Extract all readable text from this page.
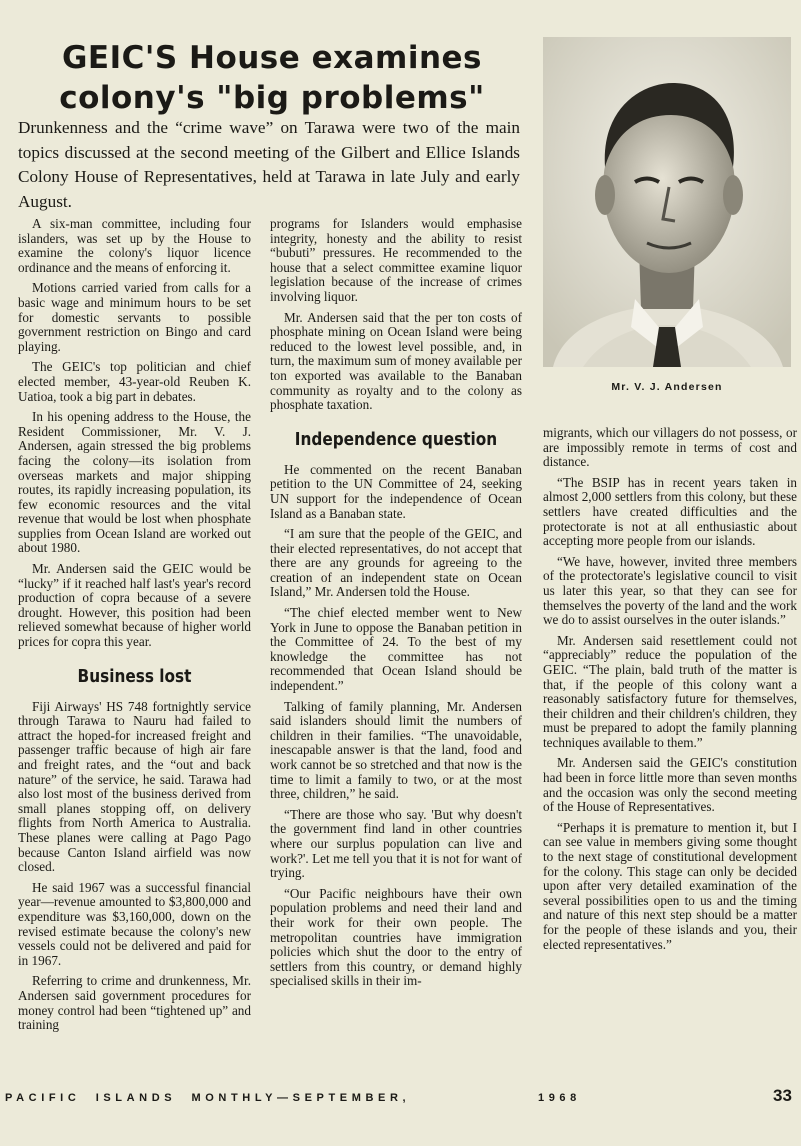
GEIC'S House examines
colony's "big problems"

Drunkenness and the “crime wave” on Tarawa were two of the main topics discussed at the second meeting of the Gilbert and Ellice Islands Colony House of Representatives, held at Tarawa in late July and early August.

Mr. V. J. Andersen

A six-man committee, including four islanders, was set up by the House to examine the colony's liquor licence ordinance and the means of enforcing it.

Motions carried varied from calls for a basic wage and minimum hours to be set for domestic servants to possible government restriction on Bingo and card playing.

The GEIC's top politician and chief elected member, 43-year-old Reuben K. Uatioa, took a big part in debates.

In his opening address to the House, the Resident Commissioner, Mr. V. J. Andersen, again stressed the big problems facing the colony—its isolation from overseas markets and major shipping routes, its rapidly increasing population, its few economic resources and the vital revenue that would be lost when phosphate supplies from Ocean Island are worked out about 1980.

Mr. Andersen said the GEIC would be “lucky” if it reached half last's year's record production of copra because of a severe drought. However, this position had been relieved somewhat because of higher world prices for copra this year.

Business lost

Fiji Airways' HS 748 fortnightly service through Tarawa to Nauru had failed to attract the hoped-for increased freight and passenger traffic because of high air fare and freight rates, and the “out and back nature” of the service, he said. Tarawa had also lost most of the business derived from small planes stopping off, on delivery flights from North America to Australia. These planes were calling at Pago Pago because Canton Island airfield was now closed.

He said 1967 was a successful financial year—revenue amounted to $3,800,000 and expenditure was $3,160,000, down on the revised estimate because the colony's new vessels could not be delivered and paid for in 1967.

Referring to crime and drunkenness, Mr. Andersen said government procedures for money control had been “tightened up” and training

programs for Islanders would emphasise integrity, honesty and the ability to resist “bubuti” pressures. He recommended to the house that a select committee examine liquor legislation because of the increase of crimes involving liquor.

Mr. Andersen said that the per ton costs of phosphate mining on Ocean Island were being reduced to the lowest level possible, and, in turn, the maximum sum of money available per ton exported was available to the Banaban community as royalty and to the colony as phosphate taxation.

Independence question

He commented on the recent Banaban petition to the UN Committee of 24, seeking UN support for the independence of Ocean Island as a Banaban state.

“I am sure that the people of the GEIC, and their elected representatives, do not accept that there are any grounds for agreeing to the creation of an independent state on Ocean Island,” Mr. Andersen told the House.

“The chief elected member went to New York in June to oppose the Banaban petition in the Committee of 24. To the best of my knowledge the committee has not recommended that Ocean Island should be independent.”

Talking of family planning, Mr. Andersen said islanders should limit the numbers of children in their families. “The unavoidable, inescapable answer is that the land, food and work cannot be so stretched and that now is the time to limit a family to two, or at the most three, children,” he said.

“There are those who say. 'But why doesn't the government find land in other countries where our surplus population can live and work?'. Let me tell you that it is not for want of trying.

“Our Pacific neighbours have their own population problems and need their land and their work for their own people. The metropolitan countries have immigration policies which shut the door to the entry of settlers from this country, or demand highly specialised skills in their im-

migrants, which our villagers do not possess, or are impossibly remote in terms of cost and distance.

“The BSIP has in recent years taken in almost 2,000 settlers from this colony, but these settlers have created difficulties and the protectorate is not at all enthusiastic about accepting more people from our islands.

“We have, however, invited three members of the protectorate's legislative council to visit us later this year, so that they can see for themselves the poverty of the land and the work we do to assist ourselves in the outer islands.”

Mr. Andersen said resettlement could not “appreciably” reduce the population of the GEIC. “The plain, bald truth of the matter is that, if the people of this colony want a reasonably satisfactory future for themselves, their children and their children's children, they must be prepared to adopt the family planning techniques available to them.”

Mr. Andersen said the GEIC's constitution had been in force little more than seven months and the occasion was only the second meeting of the House of Representatives.

“Perhaps it is premature to mention it, but I can see value in members giving some thought to the next stage of constitutional development for the colony. This stage can only be decided upon after very detailed examination of the several possibilities open to us and the timing and nature of this next step should be a matter for the people of these islands and you, their elected representatives.”

PACIFIC  ISLANDS  MONTHLY—SEPTEMBER,	1968	33
